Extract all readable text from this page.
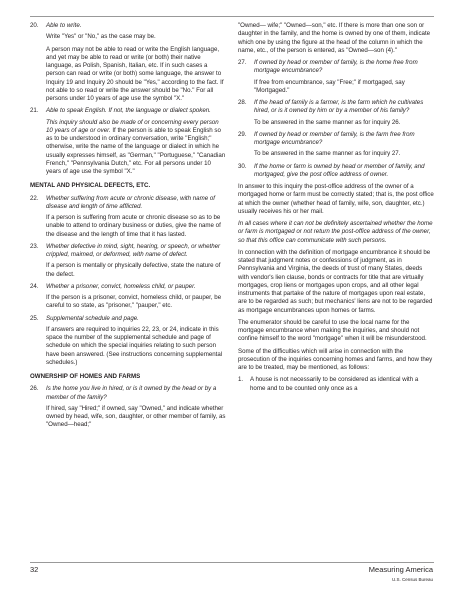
20. Able to write.

Write "Yes" or "No," as the case may be.

A person may not be able to read or write the English language, and yet may be able to read or write (or both) their native language, as Polish, Spanish, Italian, etc. If in such cases a person can read or write (or both) some language, the answer to Inquiry 19 and Inquiry 20 should be "Yes," according to the fact. If not able to so read or write the answer should be "No." For all persons under 10 years of age use the symbol "X."

21. Able to speak English. If not, the language or dialect spoken.

This inquiry should also be made of or concerning every person 10 years of age or over. If the person is able to speak English so as to be understood in ordinary conversation, write "English;" otherwise, write the name of the language or dialect in which he usually expresses himself, as "German," "Portuguese," "Canadian French," "Pennsylvania Dutch," etc. For all persons under 10 years of age use the symbol "X."

MENTAL AND PHYSICAL DEFECTS, ETC.
22. Whether suffering from acute or chronic disease, with name of disease and length of time afflicted.

If a person is suffering from acute or chronic disease so as to be unable to attend to ordinary business or duties, give the name of the disease and the length of time that it has lasted.

23. Whether defective in mind, sight, hearing, or speech, or whether crippled, maimed, or deformed, with name of defect.

If a person is mentally or physically defective, state the nature of the defect.

24. Whether a prisoner, convict, homeless child, or pauper.

If the person is a prisoner, convict, homeless child, or pauper, be careful to so state, as "prisoner," "pauper," etc.

25. Supplemental schedule and page.

If answers are required to inquiries 22, 23, or 24, indicate in this space the number of the supplemental schedule and page of schedule on which the special inquiries relating to such person have been answered. (See instructions concerning supplemental schedules.)

OWNERSHIP OF HOMES AND FARMS
26. Is the home you live in hired, or is it owned by the head or by a member of the family?

If hired, say "Hired;" if owned, say "Owned," and indicate whether owned by head, wife, son, daughter, or other member of family, as "Owned—head;"

"Owned— wife;" "Owned—son," etc. If there is more than one son or daughter in the family, and the home is owned by one of them, indicate which one by using the figure at the head of the column in which the name, etc., of the person is entered, as "Owned—son (4)."

27. If owned by head or member of family, is the home free from mortgage encumbrance?

If free from encumbrance, say "Free;" if mortgaged, say "Mortgaged."

28. If the head of family is a farmer, is the farm which he cultivates hired, or is it owned by him or by a member of his family?

To be answered in the same manner as for inquiry 26.

29. If owned by head or member of family, is the farm free from mortgage encumbrance?

To be answered in the same manner as for inquiry 27.

30. If the home or farm is owned by head or member of family, and mortgaged, give the post office address of owner.

In answer to this inquiry the post-office address of the owner of a mortgaged home or farm must be correctly stated; that is, the post office at which the owner (whether head of family, wife, son, daughter, etc.) usually receives his or her mail.

In all cases where it can not be definitely ascertained whether the home or farm is mortgaged or not return the post-office address of the owner, so that this office can communicate with such persons.

In connection with the definition of mortgage encumbrance it should be stated that judgment notes or confessions of judgment, as in Pennsylvania and Virginia, the deeds of trust of many States, deeds with vendor's lien clause, bonds or contracts for title that are virtually mortgages, crop liens or mortgages upon crops, and all other legal instruments that partake of the nature of mortgages upon real estate, are to be regarded as such; but mechanics' liens are not to be regarded as mortgage encumbrances upon homes or farms.

The enumerator should be careful to use the local name for the mortgage encumbrance when making the inquiries, and should not confine himself to the word "mortgage" when it will be misunderstood.

Some of the difficulties which will arise in connection with the prosecution of the inquiries concerning homes and farms, and how they are to be treated, may be mentioned, as follows:

1. A house is not necessarily to be considered as identical with a home and to be counted only once as a
32	Measuring America
U.S. Census Bureau
